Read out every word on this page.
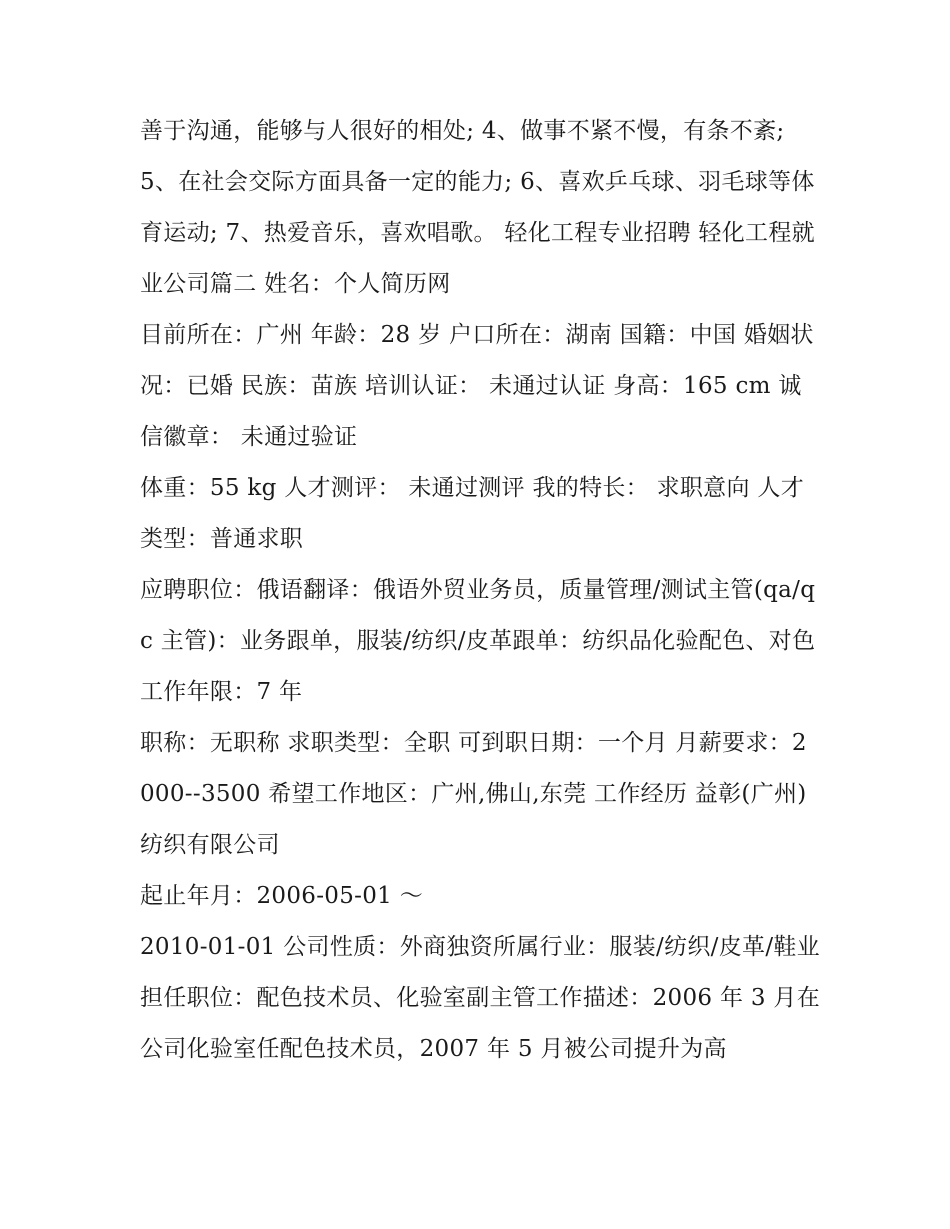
善于沟通，能够与人很好的相处; 4、做事不紧不慢，有条不紊;

5、在社会交际方面具备一定的能力; 6、喜欢乒乓球、羽毛球等体育运动; 7、热爱音乐，喜欢唱歌。 轻化工程专业招聘 轻化工程就业公司篇二 姓名：个人简历网

目前所在：广州 年龄：28 岁 户口所在：湖南 国籍：中国 婚姻状况：已婚 民族：苗族 培训认证： 未通过认证 身高：165 cm 诚信徽章： 未通过验证

体重：55 kg 人才测评： 未通过测评 我的特长： 求职意向 人才类型：普通求职

应聘职位：俄语翻译：俄语外贸业务员，质量管理/测试主管(qa/qc 主管)：业务跟单，服装/纺织/皮革跟单：纺织品化验配色、对色 工作年限：7 年

职称：无职称 求职类型：全职 可到职日期：一个月 月薪要求：2000--3500 希望工作地区：广州,佛山,东莞 工作经历 益彰(广州)纺织有限公司

起止年月：2006-05-01 ～

2010-01-01 公司性质：外商独资所属行业：服装/纺织/皮革/鞋业担任职位：配色技术员、化验室副主管工作描述：2006 年 3 月在公司化验室任配色技术员，2007 年 5 月被公司提升为高
